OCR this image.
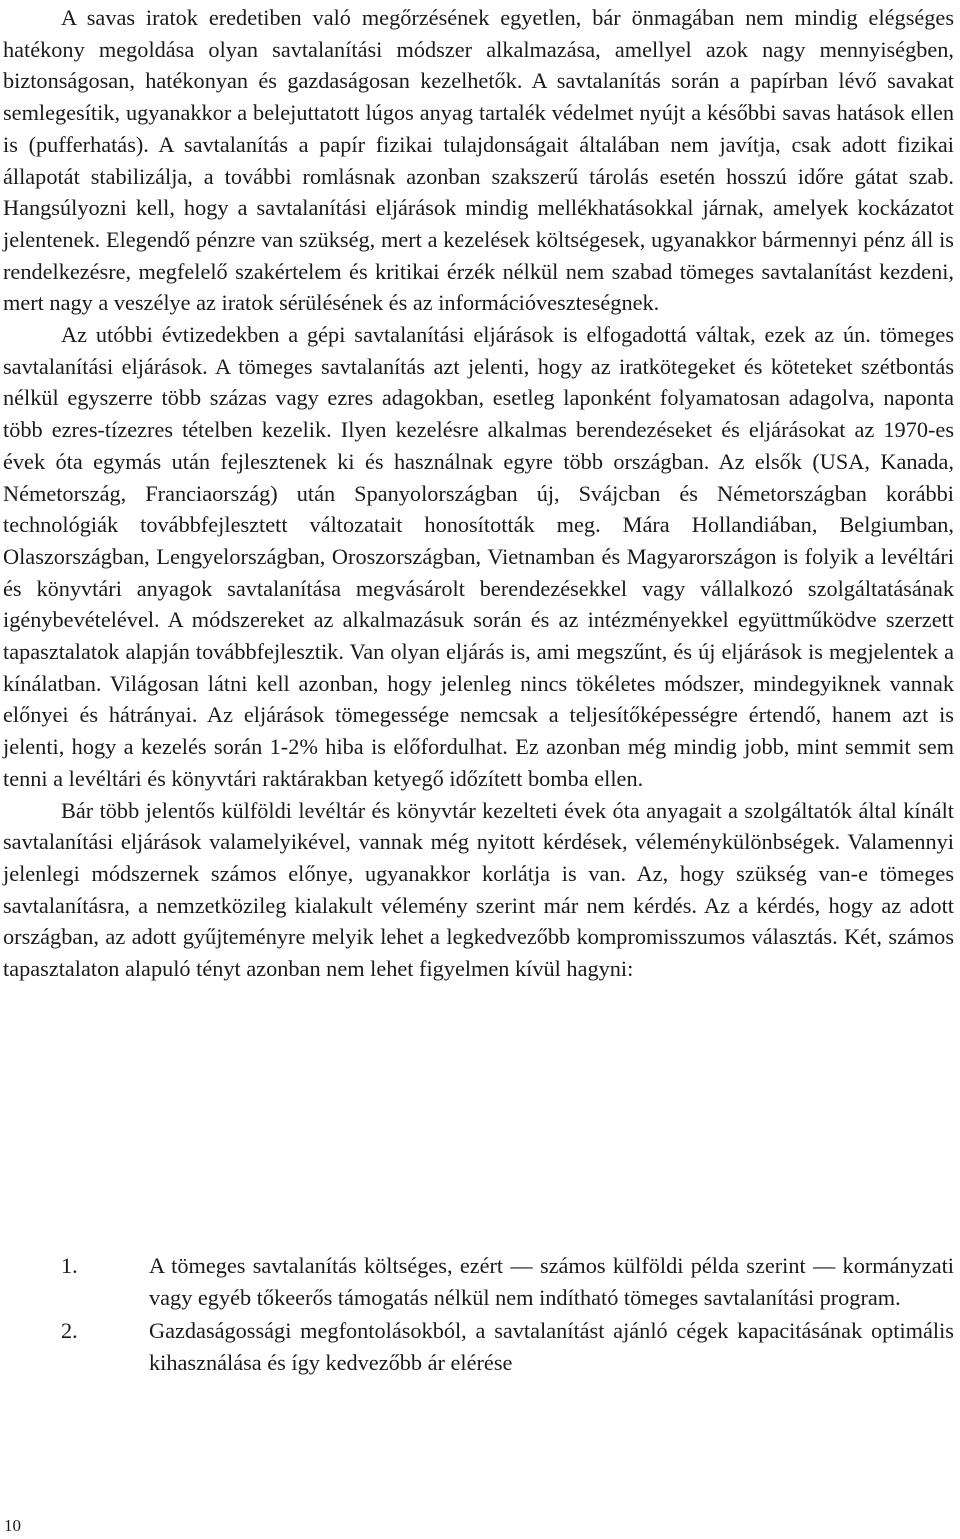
A savas iratok eredetiben való megőrzésének egyetlen, bár önmagában nem mindig elégséges hatékony megoldása olyan savtalanítási módszer alkalmazása, amellyel azok nagy mennyiségben, biztonságosan, hatékonyan és gazdaságosan kezelhetők. A savtalanítás során a papírban lévő savakat semlegesítik, ugyanakkor a belejuttatott lúgos anyag tartalék védelmet nyújt a későbbi savas hatások ellen is (pufferhatás). A savtalanítás a papír fizikai tulajdonságait általában nem javítja, csak adott fizikai állapotát stabilizálja, a további romlásnak azonban szakszerű tárolás esetén hosszú időre gátat szab. Hangsúlyozni kell, hogy a savtalanítási eljárások mindig mellékhatásokkal járnak, amelyek kockázatot jelentenek. Elegendő pénzre van szükség, mert a kezelések költségesek, ugyanakkor bármennyi pénz áll is rendelkezésre, megfelelő szakértelem és kritikai érzék nélkül nem szabad tömeges savtalanítást kezdeni, mert nagy a veszélye az iratok sérülésének és az információveszteségnek.

Az utóbbi évtizedekben a gépi savtalanítási eljárások is elfogadottá váltak, ezek az ún. tömeges savtalanítási eljárások. A tömeges savtalanítás azt jelenti, hogy az iratkötegeket és köteteket szétbontás nélkül egyszerre több százas vagy ezres adagokban, esetleg laponként folyamatosan adagolva, naponta több ezres-tízezres tételben kezelik. Ilyen kezelésre alkalmas berendezéseket és eljárásokat az 1970-es évek óta egymás után fejlesztenek ki és használnak egyre több országban. Az elsők (USA, Kanada, Németország, Franciaország) után Spanyolországban új, Svájcban és Németországban korábbi technológiák továbbfejlesztett változatait honosították meg. Mára Hollandiában, Belgiumban, Olaszországban, Lengyelországban, Oroszországban, Vietnamban és Magyarországon is folyik a levéltári és könyvtári anyagok savtalanítása megvásárolt berendezésekkel vagy vállalkozó szolgáltatásának igénybevételével. A módszereket az alkalmazásuk során és az intézményekkel együttműködve szerzett tapasztalatok alapján továbbfejlesztik. Van olyan eljárás is, ami megszűnt, és új eljárások is megjelentek a kínálatban. Világosan látni kell azonban, hogy jelenleg nincs tökéletes módszer, mindegyiknek vannak előnyei és hátrányai. Az eljárások tömegessége nemcsak a teljesítőképességre értendő, hanem azt is jelenti, hogy a kezelés során 1-2% hiba is előfordulhat. Ez azonban még mindig jobb, mint semmit sem tenni a levéltári és könyvtári raktárakban ketyegő időzített bomba ellen.

Bár több jelentős külföldi levéltár és könyvtár kezelteti évek óta anyagait a szolgáltatók által kínált savtalanítási eljárások valamelyikével, vannak még nyitott kérdések, véleménykülönbségek. Valamennyi jelenlegi módszernek számos előnye, ugyanakkor korlátja is van. Az, hogy szükség van-e tömeges savtalanításra, a nemzetközileg kialakult vélemény szerint már nem kérdés. Az a kérdés, hogy az adott országban, az adott gyűjteményre melyik lehet a legkedvezőbb kompromisszumos választás. Két, számos tapasztalaton alapuló tényt azonban nem lehet figyelmen kívül hagyni:

1.	A tömeges savtalanítás költséges, ezért — számos külföldi példa szerint — kormányzati vagy egyéb tőkeerős támogatás nélkül nem indítható tömeges savtalanítási program.
2.	Gazdaságossági megfontolásokból, a savtalanítást ajánló cégek kapacitásának optimális kihasználása és így kedvezőbb ár elérése
10
